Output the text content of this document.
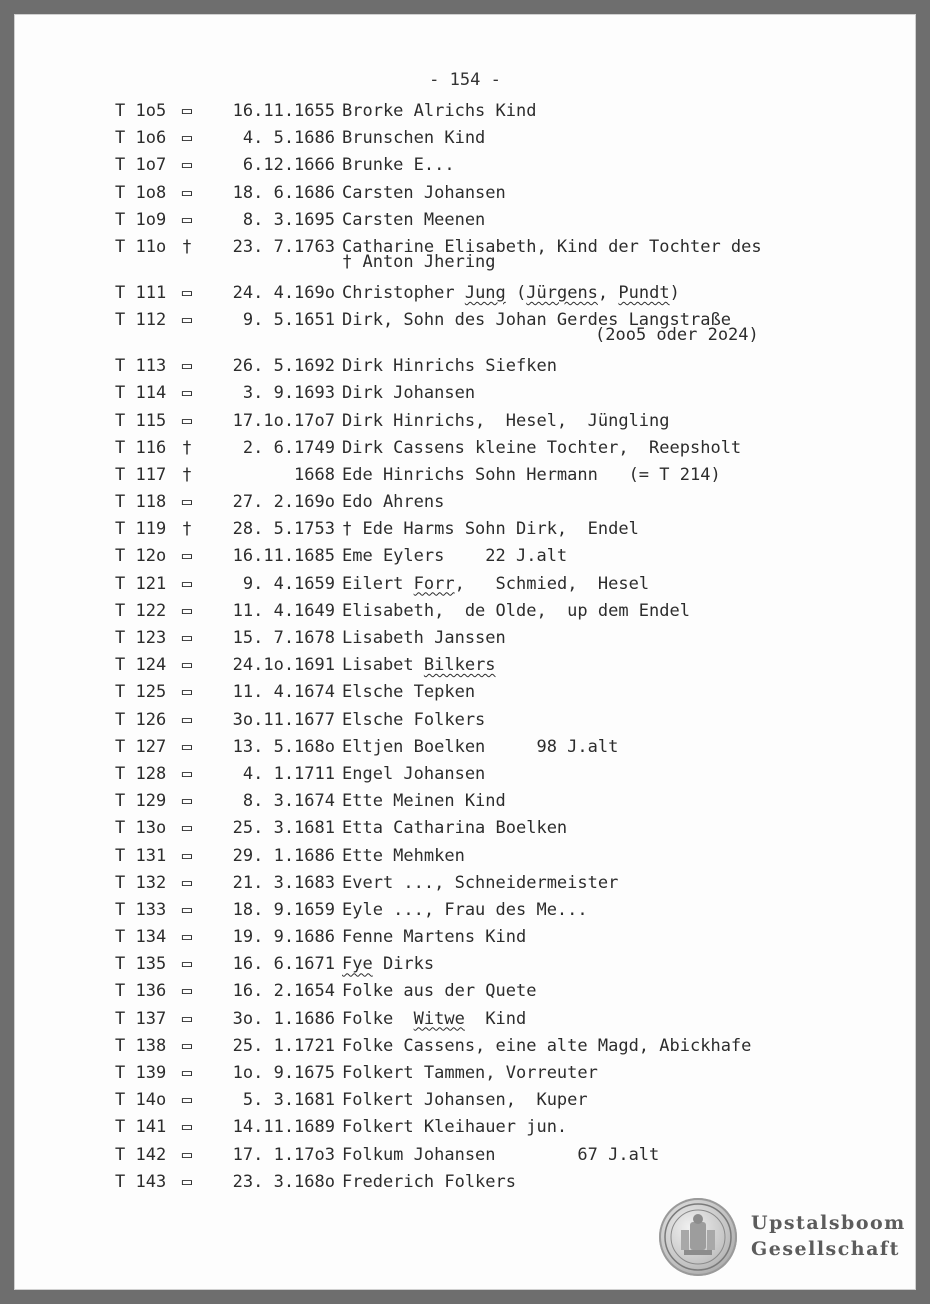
- 154 -
T 1o5 ▭	16.11.1655 Brorke Alrichs Kind
T 1o6 ▭	4. 5.1686 Brunschen Kind
T 1o7 ▭	6.12.1666 Brunke E...
T 1o8 ▭	18. 6.1686 Carsten Johansen
T 1o9 ▭	8. 3.1695 Carsten Meenen
T 11o †	23. 7.1763 Catharine Elisabeth, Kind der Tochter des
† Anton Jhering
T 111 ▭	24. 4.169o Christopher Jung (Jürgens, Pundt)
T 112 ▭	9. 5.1651 Dirk, Sohn des Johan Gerdes Langstraße
(2oo5 oder 2o24)
T 113 ▭	26. 5.1692 Dirk Hinrichs Siefken
T 114 ▭	3. 9.1693 Dirk Johansen
T 115 ▭	17.1o.17o7 Dirk Hinrichs,  Hesel,  Jüngling
T 116 †	2. 6.1749 Dirk Cassens kleine Tochter,  Reepsholt
T 117 †	1668 Ede Hinrichs Sohn Hermann   (= T 214)
T 118 ▭	27. 2.169o Edo Ahrens
T 119 †	28. 5.1753 † Ede Harms Sohn Dirk,  Endel
T 12o ▭	16.11.1685 Eme Eylers    22 J.alt
T 121 ▭	9. 4.1659 Eilert Forr,   Schmied,  Hesel
T 122 ▭	11. 4.1649 Elisabeth,  de Olde,  up dem Endel
T 123 ▭	15. 7.1678 Lisabeth Janssen
T 124 ▭	24.1o.1691 Lisabet Bilkers
T 125 ▭	11. 4.1674 Elsche Tepken
T 126 ▭	3o.11.1677 Elsche Folkers
T 127 ▭	13. 5.168o Eltjen Boelken     98 J.alt
T 128 ▭	4. 1.1711 Engel Johansen
T 129 ▭	8. 3.1674 Ette Meinen Kind
T 13o ▭	25. 3.1681 Etta Catharina Boelken
T 131 ▭	29. 1.1686 Ette Mehmken
T 132 ▭	21. 3.1683 Evert ..., Schneidermeister
T 133 ▭	18. 9.1659 Eyle ..., Frau des Me...
T 134 ▭	19. 9.1686 Fenne Martens Kind
T 135 ▭	16. 6.1671 Fye Dirks
T 136 ▭	16. 2.1654 Folke aus der Quete
T 137 ▭	3o. 1.1686 Folke  Witwe  Kind
T 138 ▭	25. 1.1721 Folke Cassens, eine alte Magd, Abickhafe
T 139 ▭	1o. 9.1675 Folkert Tammen, Vorreuter
T 14o ▭	5. 3.1681 Folkert Johansen,  Kuper
T 141 ▭	14.11.1689 Folkert Kleihauer jun.
T 142 ▭	17. 1.17o3 Folkum Johansen        67 J.alt
T 143 ▭	23. 3.168o Frederich Folkers
Upstalsboom
Gesellschaft
